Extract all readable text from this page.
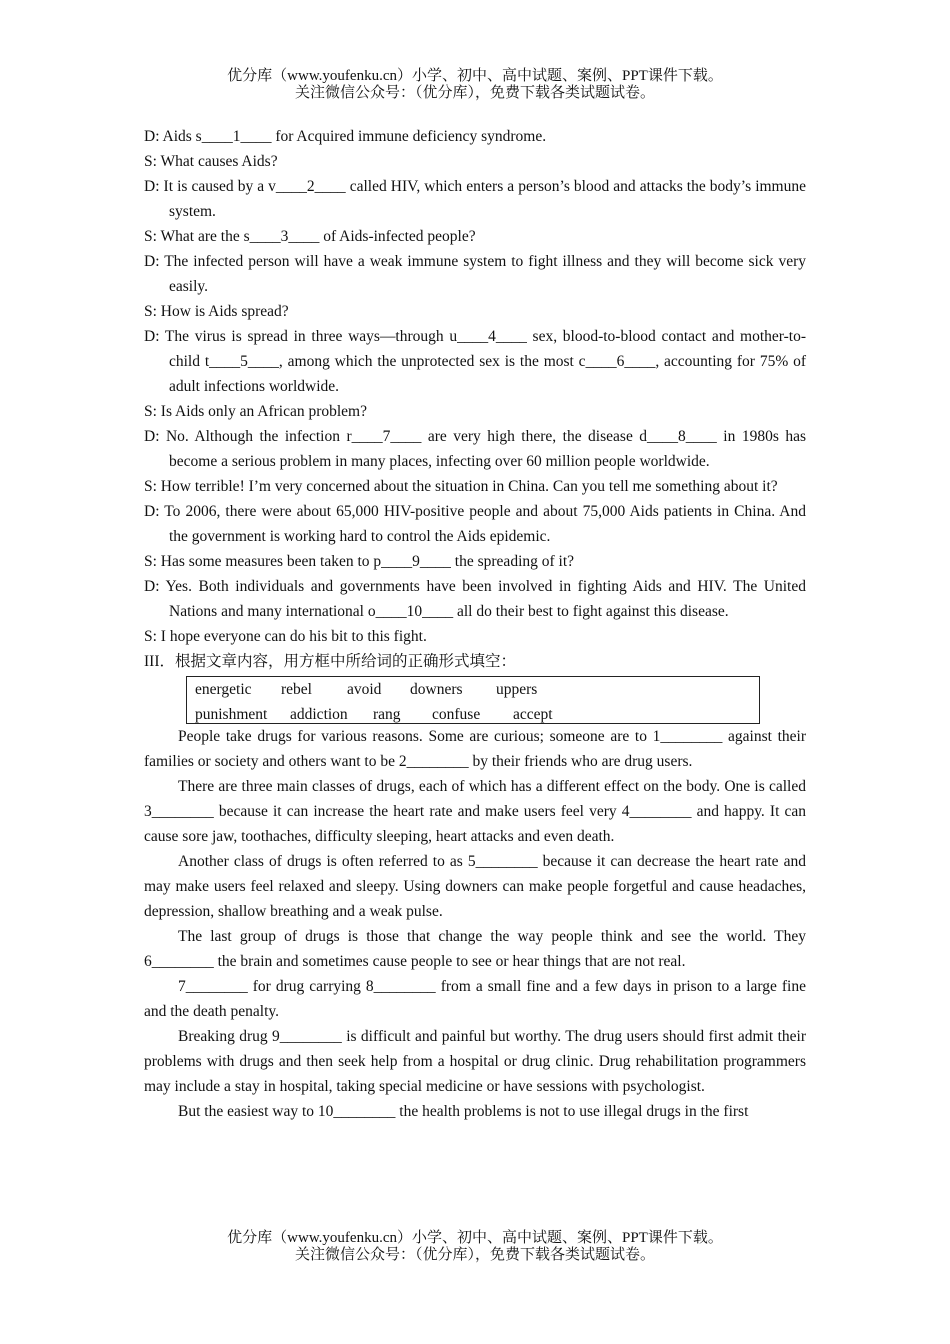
优分库（www.youfenku.cn）小学、初中、高中试题、案例、PPT课件下载。
关注微信公众号：（优分库），免费下载各类试题试卷。
D: Aids s____1____ for Acquired immune deficiency syndrome.
S: What causes Aids?
D: It is caused by a v____2____ called HIV, which enters a person’s blood and attacks the body’s immune system.
S: What are the s____3____ of Aids-infected people?
D: The infected person will have a weak immune system to fight illness and they will become sick very easily.
S: How is Aids spread?
D: The virus is spread in three ways—through u____4____ sex, blood-to-blood contact and mother-to-child t____5____, among which the unprotected sex is the most c____6____, accounting for 75% of adult infections worldwide.
S: Is Aids only an African problem?
D: No. Although the infection r____7____ are very high there, the disease d____8____ in 1980s has become a serious problem in many places, infecting over 60 million people worldwide.
S: How terrible! I’m very concerned about the situation in China. Can you tell me something about it?
D: To 2006, there were about 65,000 HIV-positive people and about 75,000 Aids patients in China. And the government is working hard to control the Aids epidemic.
S: Has some measures been taken to p____9____ the spreading of it?
D: Yes. Both individuals and governments have been involved in fighting Aids and HIV. The United Nations and many international o____10____ all do their best to fight against this disease.
S: I hope everyone can do his bit to this fight.
III．根据文章内容，用方框中所给词的正确形式填空：
energetic rebel avoid downers uppers
punishment addiction rang confuse accept
People take drugs for various reasons. Some are curious; someone are to 1________ against their families or society and others want to be 2________ by their friends who are drug users.
There are three main classes of drugs, each of which has a different effect on the body. One is called 3________ because it can increase the heart rate and make users feel very 4________ and happy. It can cause sore jaw, toothaches, difficulty sleeping, heart attacks and even death.
Another class of drugs is often referred to as 5________ because it can decrease the heart rate and may make users feel relaxed and sleepy. Using downers can make people forgetful and cause headaches, depression, shallow breathing and a weak pulse.
The last group of drugs is those that change the way people think and see the world. They 6________ the brain and sometimes cause people to see or hear things that are not real.
7________ for drug carrying 8________ from a small fine and a few days in prison to a large fine and the death penalty.
Breaking drug 9________ is difficult and painful but worthy. The drug users should first admit their problems with drugs and then seek help from a hospital or drug clinic. Drug rehabilitation programmers may include a stay in hospital, taking special medicine or have sessions with psychologist.
But the easiest way to 10________ the health problems is not to use illegal drugs in the first
优分库（www.youfenku.cn）小学、初中、高中试题、案例、PPT课件下载。
关注微信公众号：（优分库），免费下载各类试题试卷。
